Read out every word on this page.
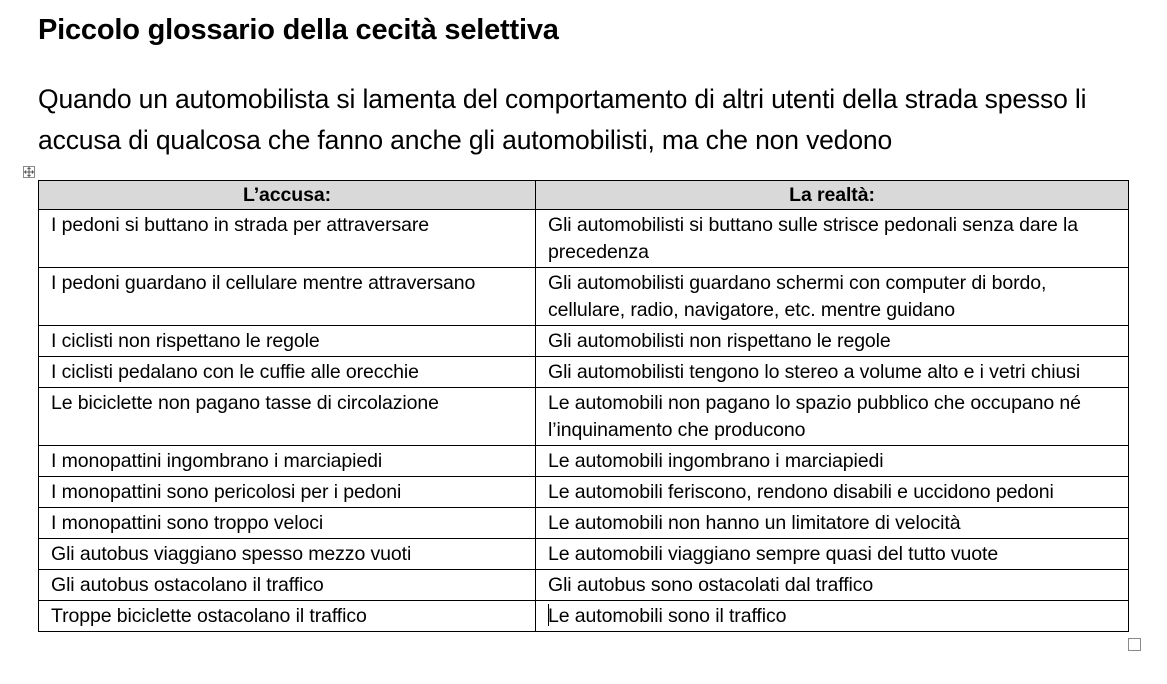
Piccolo glossario della cecità selettiva

Quando un automobilista si lamenta del comportamento di altri utenti della strada spesso li accusa di qualcosa che fanno anche gli automobilisti, ma che non vedono

L’accusa:	La realtà:
I pedoni si buttano in strada per attraversare	Gli automobilisti si buttano sulle strisce pedonali senza dare la precedenza
I pedoni guardano il cellulare mentre attraversano	Gli automobilisti guardano schermi con computer di bordo, cellulare, radio, navigatore, etc. mentre guidano
I ciclisti non rispettano le regole	Gli automobilisti non rispettano le regole
I ciclisti pedalano con le cuffie alle orecchie	Gli automobilisti tengono lo stereo a volume alto e i vetri chiusi
Le biciclette non pagano tasse di circolazione	Le automobili non pagano lo spazio pubblico che occupano né l’inquinamento che producono
I monopattini ingombrano i marciapiedi	Le automobili ingombrano i marciapiedi
I monopattini sono pericolosi per i pedoni	Le automobili feriscono, rendono disabili e uccidono pedoni
I monopattini sono troppo veloci	Le automobili non hanno un limitatore di velocità
Gli autobus viaggiano spesso mezzo vuoti	Le automobili viaggiano sempre quasi del tutto vuote
Gli autobus ostacolano il traffico	Gli autobus sono ostacolati dal traffico
Troppe biciclette ostacolano il traffico	Le automobili sono il traffico
